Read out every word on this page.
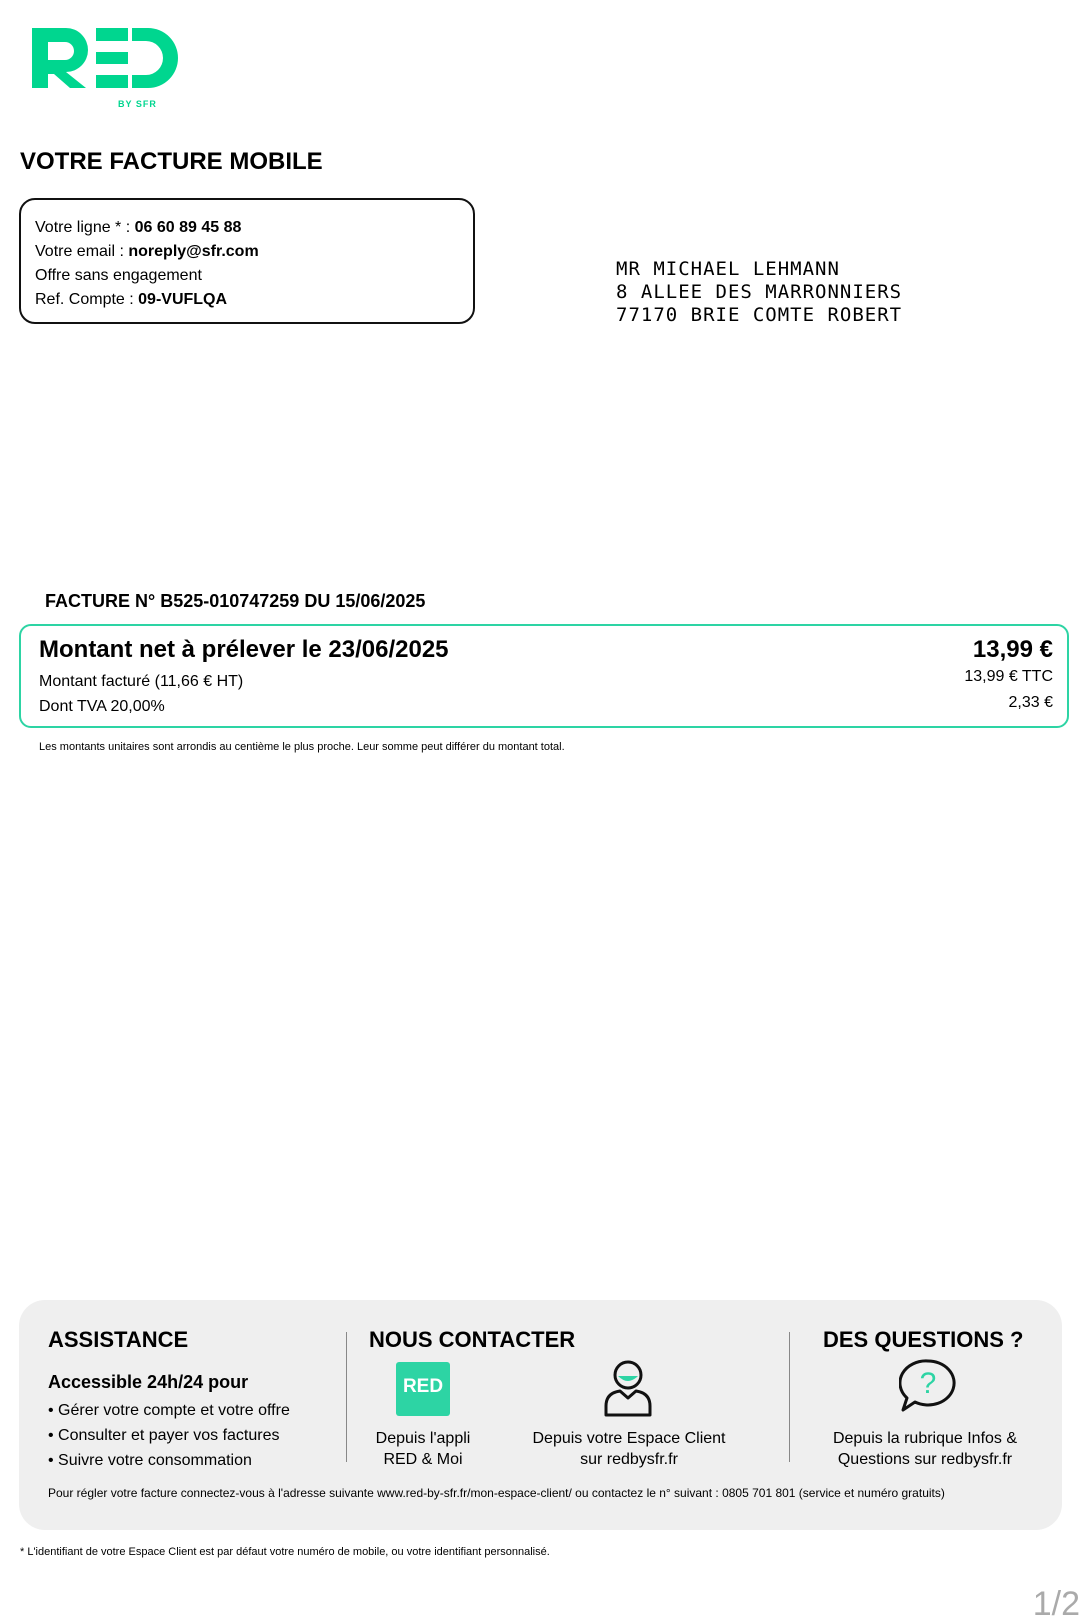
BY SFR
VOTRE FACTURE MOBILE
Votre ligne * : 06 60 89 45 88
Votre email : noreply@sfr.com
Offre sans engagement
Ref. Compte : 09-VUFLQA
MR MICHAEL LEHMANN
8 ALLEE DES MARRONNIERS
77170 BRIE COMTE ROBERT
FACTURE N° B525-010747259 DU 15/06/2025
Montant net à prélever le 23/06/2025	13,99 €
Montant facturé (11,66 € HT)
Dont TVA 20,00%
13,99 € TTC
2,33 €
Les montants unitaires sont arrondis au centième le plus proche. Leur somme peut différer du montant total.
ASSISTANCE
Accessible 24h/24 pour
• Gérer votre compte et votre offre
• Consulter et payer vos factures
• Suivre votre consommation
NOUS CONTACTER
RED
Depuis l'appli
RED & Moi
Depuis votre Espace Client
sur redbysfr.fr
DES QUESTIONS ?
?
Depuis la rubrique Infos &
Questions sur redbysfr.fr
Pour régler votre facture connectez-vous à l'adresse suivante www.red-by-sfr.fr/mon-espace-client/ ou contactez le n° suivant : 0805 701 801 (service et numéro gratuits)
* L'identifiant de votre Espace Client est par défaut votre numéro de mobile, ou votre identifiant personnalisé.
1/2
